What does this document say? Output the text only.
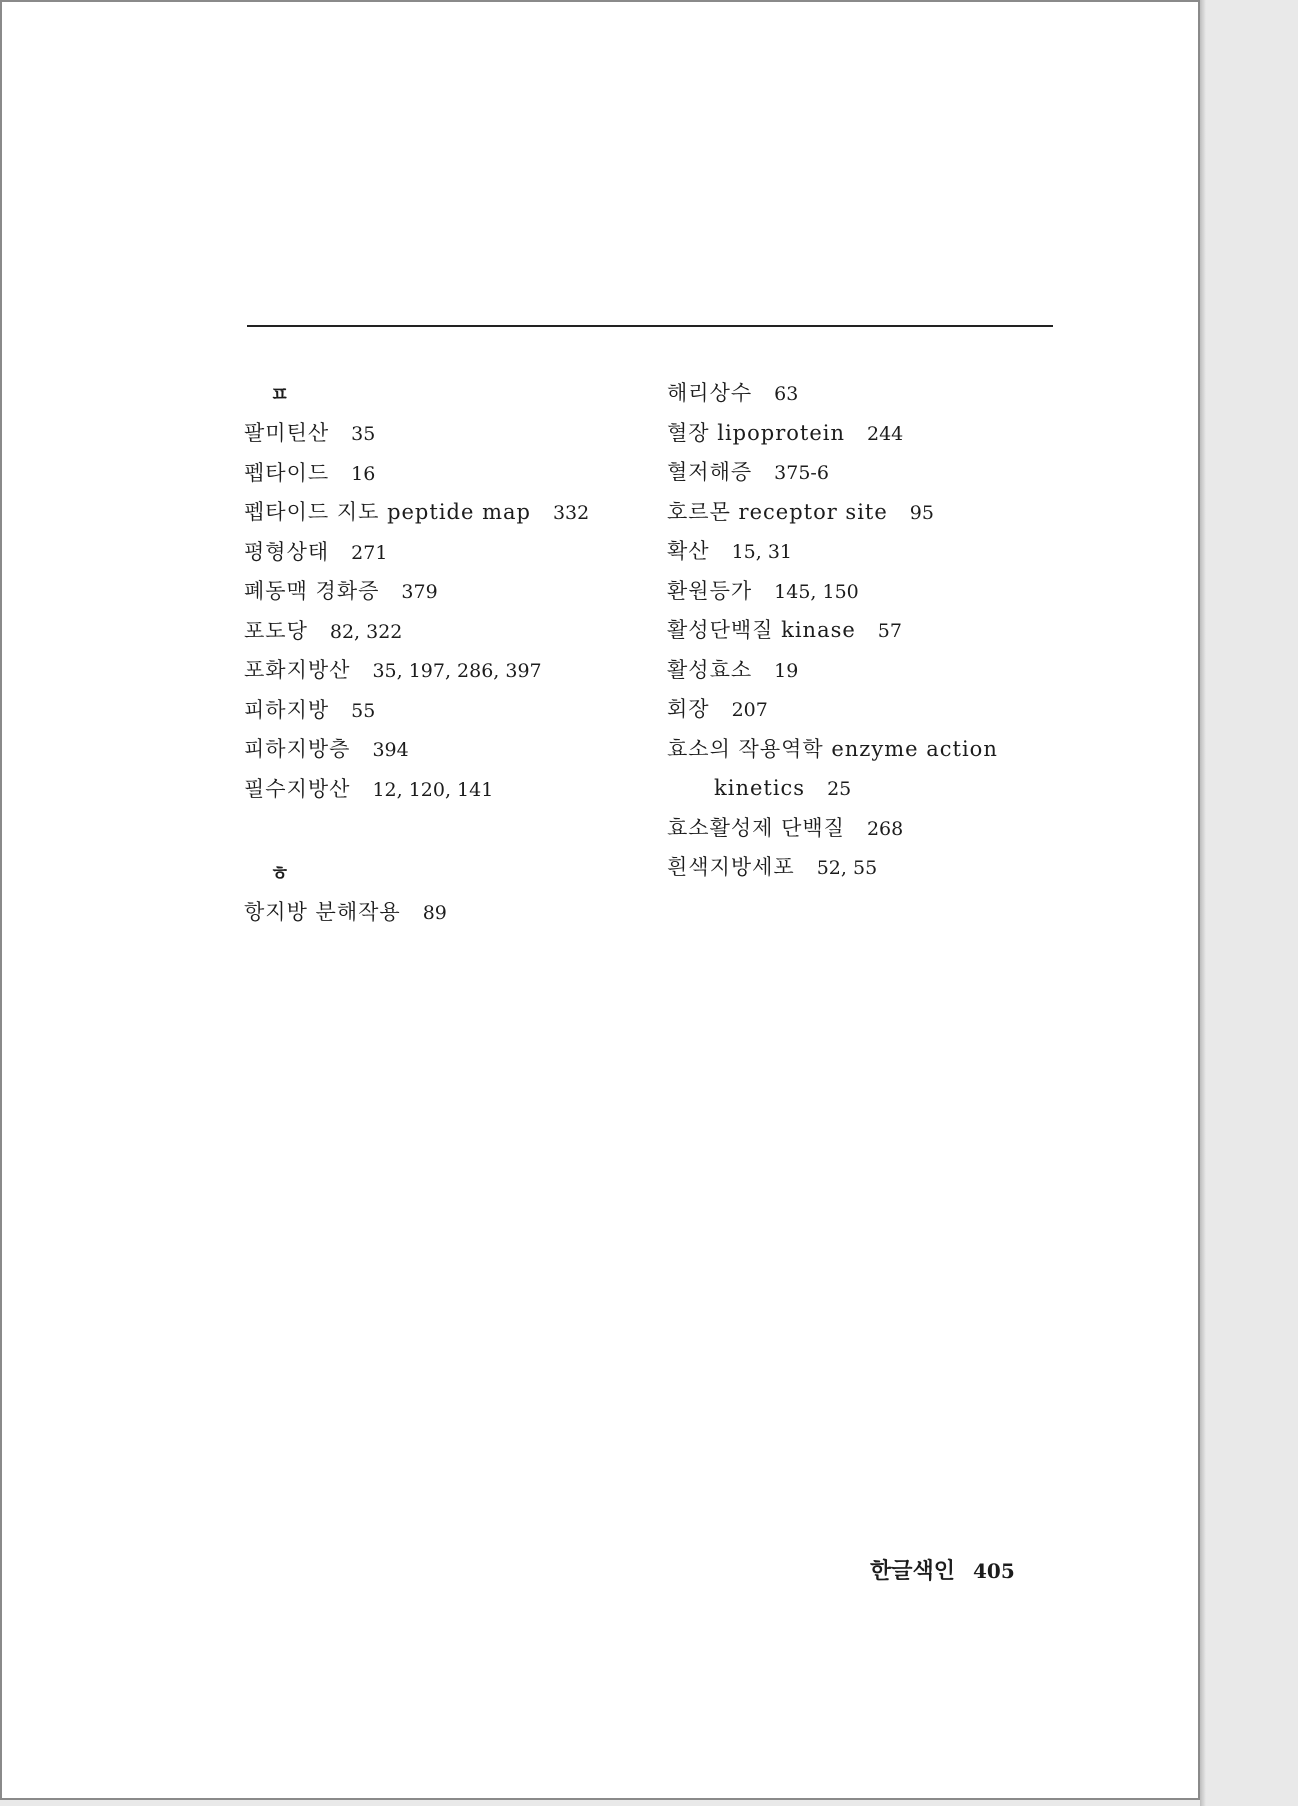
ㅍ
팔미틴산 35
펩타이드 16
펩타이드 지도 peptide map 332
평형상태 271
폐동맥 경화증 379
포도당 82, 322
포화지방산 35, 197, 286, 397
피하지방 55
피하지방층 394
필수지방산 12, 120, 141
ㅎ
항지방 분해작용 89
해리상수 63
혈장 lipoprotein 244
혈저해증 375-6
호르몬 receptor site 95
확산 15, 31
환원등가 145, 150
활성단백질 kinase 57
활성효소 19
회장 207
효소의 작용역학 enzyme action
kinetics 25
효소활성제 단백질 268
흰색지방세포 52, 55
한글색인 405
